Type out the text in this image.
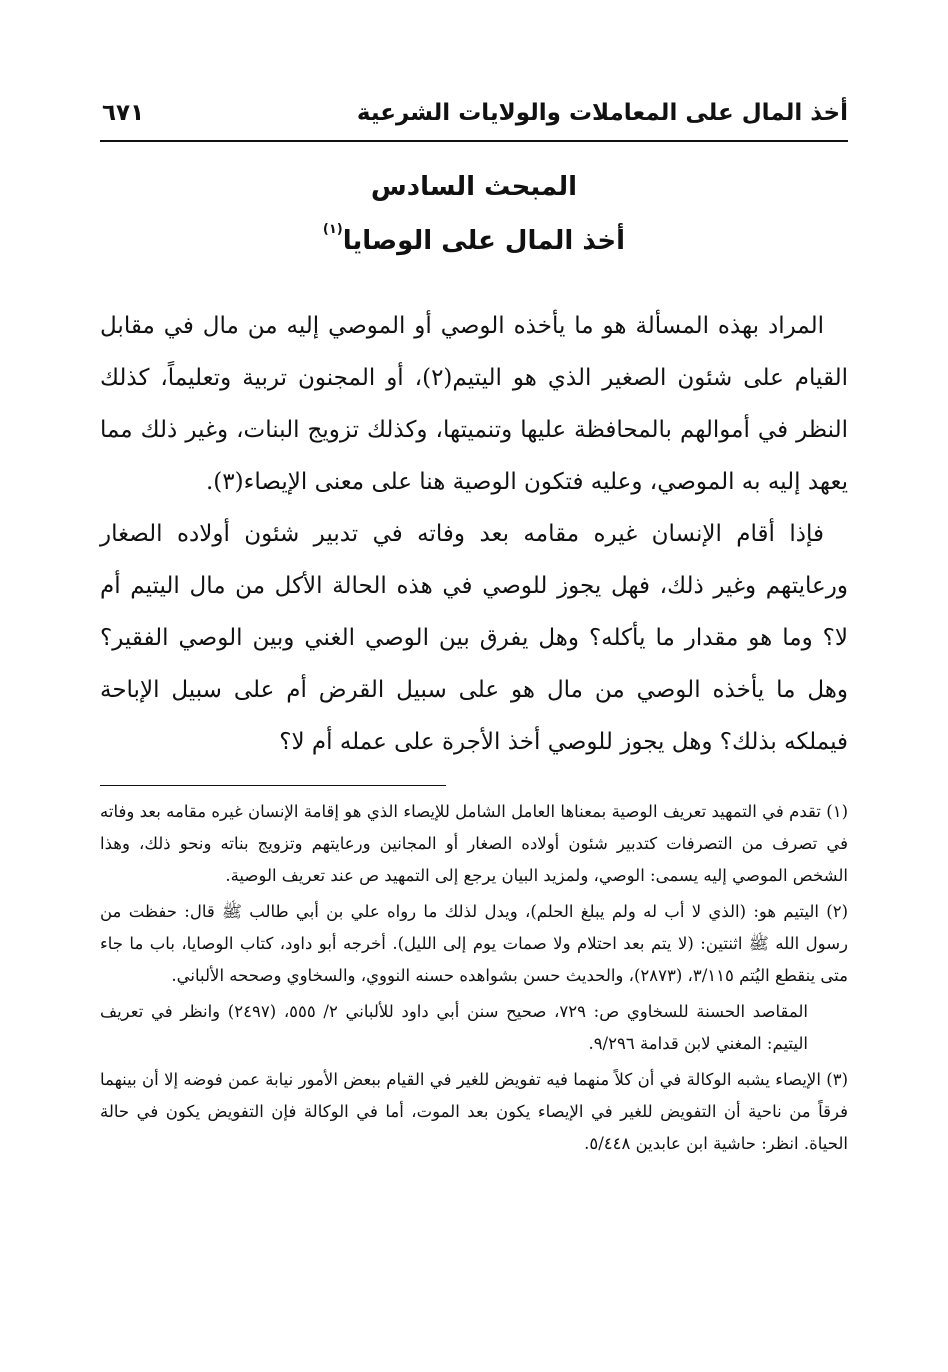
أخذ المال على المعاملات والولايات الشرعية
٦٧١
المبحث السادس
أخذ المال على الوصايا$^{(١)}$

المراد بهذه المسألة هو ما يأخذه الوصي أو الموصي إليه من مال في مقابل القيام على شئون الصغير الذي هو اليتيم(٢)، أو المجنون تربية وتعليماً، كذلك النظر في أموالهم بالمحافظة عليها وتنميتها، وكذلك تزويج البنات، وغير ذلك مما يعهد إليه به الموصي، وعليه فتكون الوصية هنا على معنى الإيصاء(٣).

فإذا أقام الإنسان غيره مقامه بعد وفاته في تدبير شئون أولاده الصغار ورعايتهم وغير ذلك، فهل يجوز للوصي في هذه الحالة الأكل من مال اليتيم أم لا؟ وما هو مقدار ما يأكله؟ وهل يفرق بين الوصي الغني وبين الوصي الفقير؟ وهل ما يأخذه الوصي من مال هو على سبيل القرض أم على سبيل الإباحة فيملكه بذلك؟ وهل يجوز للوصي أخذ الأجرة على عمله أم لا؟

(١) تقدم في التمهيد تعريف الوصية بمعناها العامل الشامل للإيصاء الذي هو إقامة الإنسان غيره مقامه بعد وفاته في تصرف من التصرفات كتدبير شئون أولاده الصغار أو المجانين ورعايتهم وتزويج بناته ونحو ذلك، وهذا الشخص الموصي إليه يسمى: الوصي، ولمزيد البيان يرجع إلى التمهيد ص عند تعريف الوصية.

(٢) اليتيم هو: (الذي لا أب له ولم يبلغ الحلم)، ويدل لذلك ما رواه علي بن أبي طالب ﷺ قال: حفظت من رسول الله ﷺ اثنتين: (لا يتم بعد احتلام ولا صمات يوم إلى الليل). أخرجه أبو داود، كتاب الوصايا، باب ما جاء متى ينقطع اليُتم ٣/١١٥، (٢٨٧٣)، والحديث حسن بشواهده حسنه النووي، والسخاوي وصححه الألباني.

المقاصد الحسنة للسخاوي ص: ٧٢٩، صحيح سنن أبي داود للألباني ٢/ ٥٥٥، (٢٤٩٧) وانظر في تعريف اليتيم: المغني لابن قدامة ٩/٢٩٦.

(٣) الإيصاء يشبه الوكالة في أن كلاً منهما فيه تفويض للغير في القيام ببعض الأمور نيابة عمن فوضه إلا أن بينهما فرقاً من ناحية أن التفويض للغير في الإيصاء يكون بعد الموت، أما في الوكالة فإن التفويض يكون في حالة الحياة. انظر: حاشية ابن عابدين ٥/٤٤٨.
